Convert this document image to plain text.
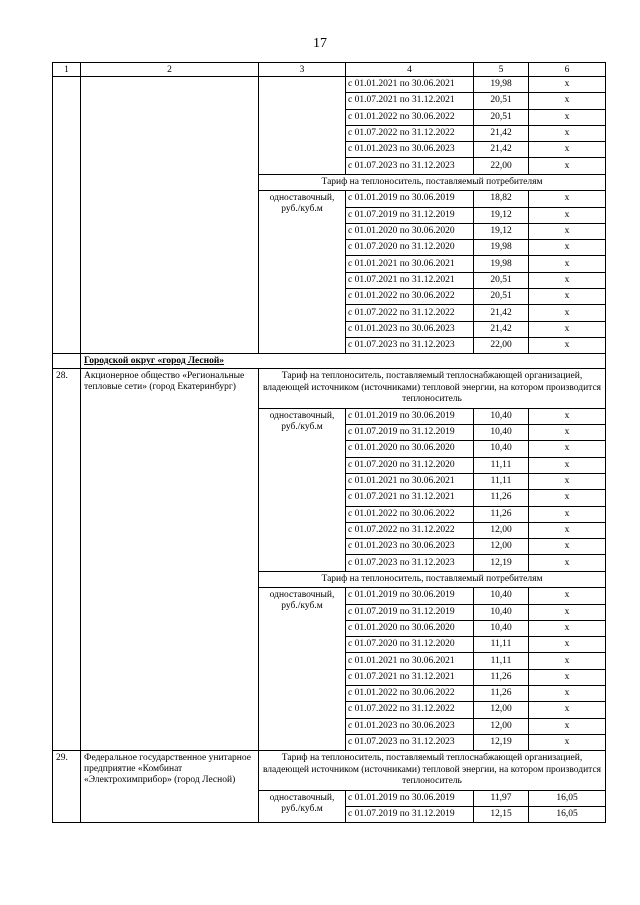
17
1	2	3	4	5	6
			с 01.01.2021 по 30.06.2021	19,98	х
			с 01.07.2021 по 31.12.2021	20,51	х
			с 01.01.2022 по 30.06.2022	20,51	х
			с 01.07.2022 по 31.12.2022	21,42	х
			с 01.01.2023 по 30.06.2023	21,42	х
			с 01.07.2023 по 31.12.2023	22,00	х
		Тариф на теплоноситель, поставляемый потребителям			
		одноставочный, руб./куб.м	с 01.01.2019 по 30.06.2019	18,82	х
			с 01.07.2019 по 31.12.2019	19,12	х
			с 01.01.2020 по 30.06.2020	19,12	х
			с 01.07.2020 по 31.12.2020	19,98	х
			с 01.01.2021 по 30.06.2021	19,98	х
			с 01.07.2021 по 31.12.2021	20,51	х
			с 01.01.2022 по 30.06.2022	20,51	х
			с 01.07.2022 по 31.12.2022	21,42	х
			с 01.01.2023 по 30.06.2023	21,42	х
			с 01.07.2023 по 31.12.2023	22,00	х
	Городской округ «город Лесной»				
28.	Акционерное общество «Региональные тепловые сети» (город Екатеринбург)	Тариф на теплоноситель, поставляемый теплоснабжающей организацией, владеющей источником (источниками) тепловой энергии, на котором производится теплоноситель			
		одноставочный, руб./куб.м	с 01.01.2019 по 30.06.2019	10,40	х
			с 01.07.2019 по 31.12.2019	10,40	х
			с 01.01.2020 по 30.06.2020	10,40	х
			с 01.07.2020 по 31.12.2020	11,11	х
			с 01.01.2021 по 30.06.2021	11,11	х
			с 01.07.2021 по 31.12.2021	11,26	х
			с 01.01.2022 по 30.06.2022	11,26	х
			с 01.07.2022 по 31.12.2022	12,00	х
			с 01.01.2023 по 30.06.2023	12,00	х
			с 01.07.2023 по 31.12.2023	12,19	х
		Тариф на теплоноситель, поставляемый потребителям			
		одноставочный, руб./куб.м	с 01.01.2019 по 30.06.2019	10,40	х
			с 01.07.2019 по 31.12.2019	10,40	х
			с 01.01.2020 по 30.06.2020	10,40	х
			с 01.07.2020 по 31.12.2020	11,11	х
			с 01.01.2021 по 30.06.2021	11,11	х
			с 01.07.2021 по 31.12.2021	11,26	х
			с 01.01.2022 по 30.06.2022	11,26	х
			с 01.07.2022 по 31.12.2022	12,00	х
			с 01.01.2023 по 30.06.2023	12,00	х
			с 01.07.2023 по 31.12.2023	12,19	х
29.	Федеральное государственное унитарное предприятие «Комбинат «Электрохимприбор» (город Лесной)	Тариф на теплоноситель, поставляемый теплоснабжающей организацией, владеющей источником (источниками) тепловой энергии, на котором производится теплоноситель			
		одноставочный, руб./куб.м	с 01.01.2019 по 30.06.2019	11,97	16,05
			с 01.07.2019 по 31.12.2019	12,15	16,05
